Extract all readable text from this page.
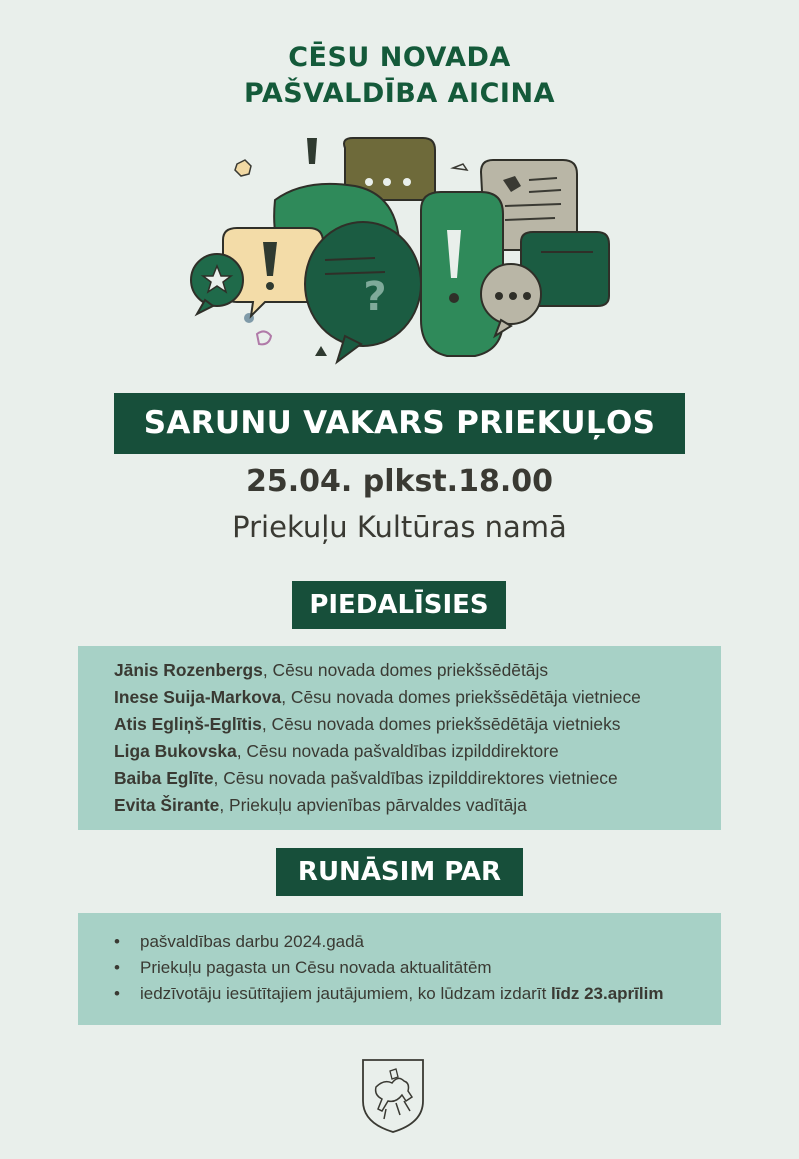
CĒSU NOVADA
PAŠVALDĪBA AICINA
?
SARUNU VAKARS PRIEKUĻOS
25.04. plkst.18.00
Priekuļu Kultūras namā
PIEDALĪSIES
Jānis Rozenbergs, Cēsu novada domes priekšsēdētājs
Inese Suija-Markova, Cēsu novada domes priekšsēdētāja vietniece
Atis Egliņš-Eglītis, Cēsu novada domes priekšsēdētāja vietnieks
Liga Bukovska, Cēsu novada pašvaldības izpilddirektore
Baiba Eglīte, Cēsu novada pašvaldības izpilddirektores vietniece
Evita Širante, Priekuļu apvienības pārvaldes vadītāja
RUNĀSIM PAR
• pašvaldības darbu 2024.gadā
• Priekuļu pagasta un Cēsu novada aktualitātēm
• iedzīvotāju iesūtītajiem jautājumiem, ko lūdzam izdarīt līdz 23.aprīlim
